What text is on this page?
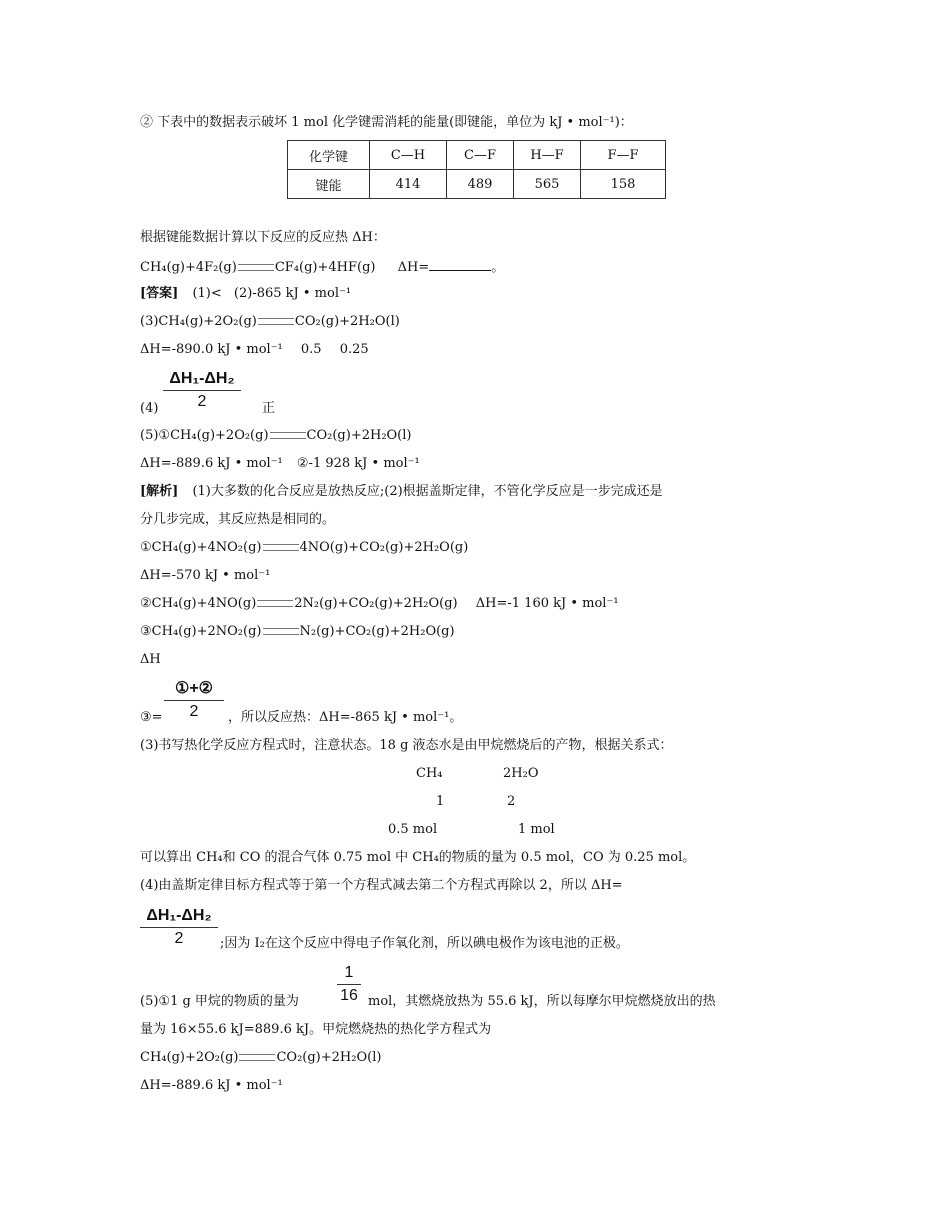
② 下表中的数据表示破坏 1 mol 化学键需消耗的能量(即键能，单位为 kJ • mol⁻¹)：
化学键	C—H	C—F	H—F	F—F
键能	414	489	565	158
根据键能数据计算以下反应的反应热 ΔH：
CH₄(g)+4F₂(g)	CF₄(g)+4HF(g) ΔH=	。
[答案] (1)< (2)-865 kJ • mol⁻¹
(3)CH₄(g)+2O₂(g)	CO₂(g)+2H₂O(l)
ΔH=-890.0 kJ • mol⁻¹ 0.5 0.25
$(4) \frac{\text{ΔH₁-ΔH₂}}{2}$ 正
(5)①CH₄(g)+2O₂(g)	CO₂(g)+2H₂O(l)
ΔH=-889.6 kJ • mol⁻¹ ②-1 928 kJ • mol⁻¹
[解析] (1)大多数的化合反应是放热反应;(2)根据盖斯定律，不管化学反应是一步完成还是
分几步完成，其反应热是相同的。
①CH₄(g)+4NO₂(g)	4NO(g)+CO₂(g)+2H₂O(g)
ΔH=-570 kJ • mol⁻¹
②CH₄(g)+4NO(g)	2N₂(g)+CO₂(g)+2H₂O(g) ΔH=-1 160 kJ • mol⁻¹
③CH₄(g)+2NO₂(g)	N₂(g)+CO₂(g)+2H₂O(g)
ΔH
①+②
2
③=	，所以反应热：ΔH=-865 kJ • mol⁻¹。
(3)书写热化学反应方程式时，注意状态。18 g 液态水是由甲烷燃烧后的产物，根据关系式：
CH₄	2H₂O
1	2
0.5 mol	1 mol
可以算出 CH₄和 CO 的混合气体 0.75 mol 中 CH₄的物质的量为 0.5 mol，CO 为 0.25 mol。
(4)由盖斯定律目标方程式等于第一个方程式减去第二个方程式再除以 2，所以 ΔH=
$\frac{\text{ΔH₁-ΔH₂}}{2}$ ;因为 I₂在这个反应中得电子作氧化剂，所以碘电极作为该电池的正极。
(5)①1 g 甲烷的物质的量为 $\frac{1}{16}$ mol，其燃烧放热为 55.6 kJ，所以每摩尔甲烷燃烧放出的热
量为 16×55.6 kJ=889.6 kJ。甲烷燃烧热的热化学方程式为
CH₄(g)+2O₂(g)	CO₂(g)+2H₂O(l)
ΔH=-889.6 kJ • mol⁻¹
